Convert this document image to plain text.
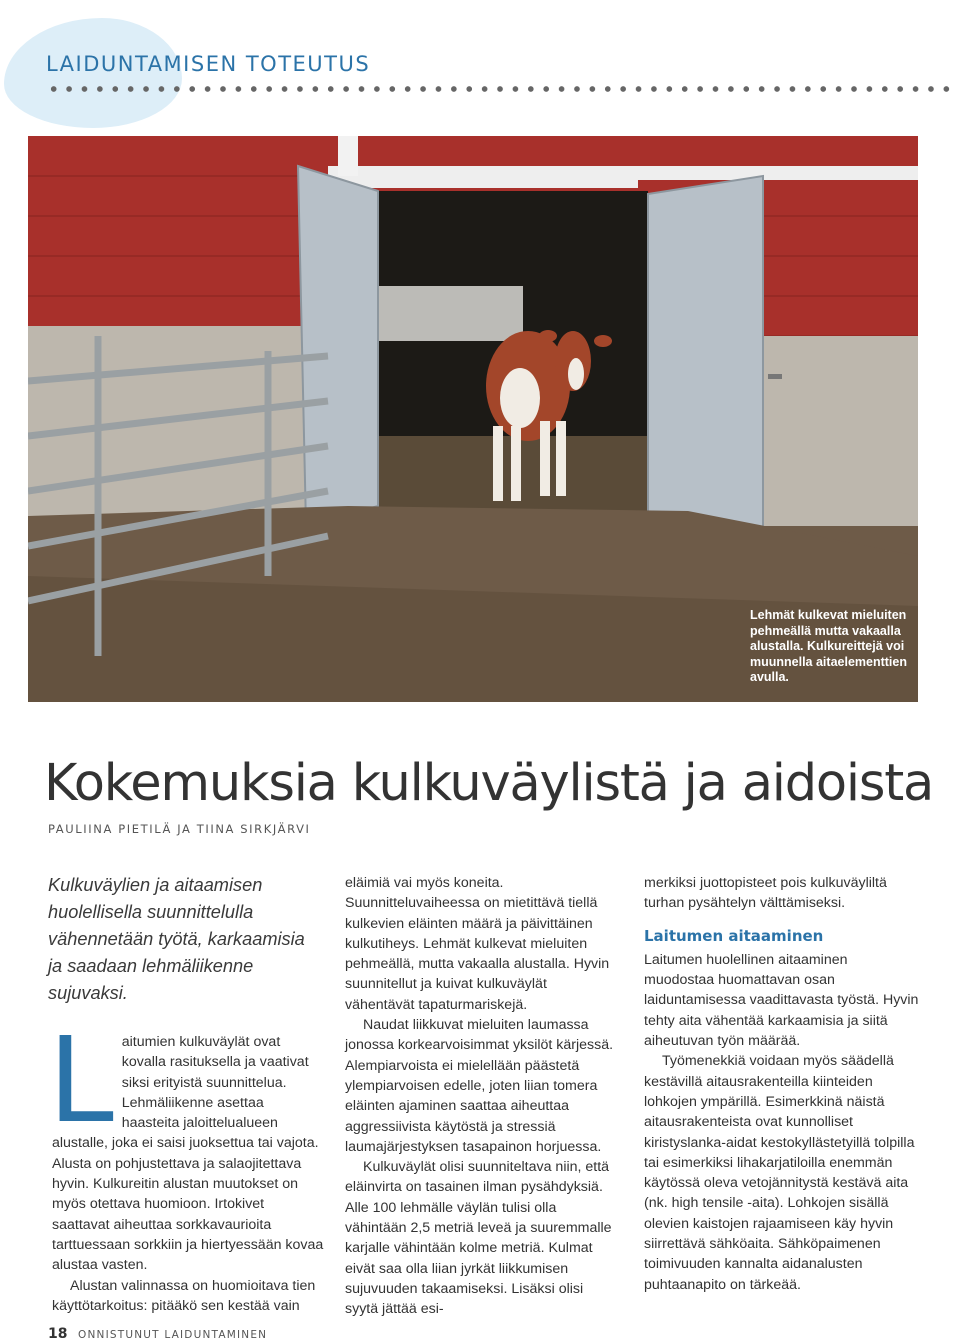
LAIDUNTAMISEN TOTEUTUS
Lehmät kulkevat mieluiten pehmeällä mutta vakaalla alustalla. Kulkureittejä voi muunnella aitaelementtien avulla.
Kokemuksia kulkuväylistä ja aidoista
PAULIINA PIETILÄ JA TIINA SIRKJÄRVI
Kulkuväylien ja aitaamisen huolellisella suunnittelulla vähennetään työtä, karkaamisia ja saadaan lehmäliikenne sujuvaksi.

Laitumien kulkuväylät ovat kovalla rasituksella ja vaativat siksi erityistä suunnittelua. Lehmäliikenne asettaa haasteita jaloittelualueen alustalle, joka ei saisi juoksettua tai vajota. Alusta on pohjustettava ja salaojitettava hyvin. Kulkureitin alustan muutokset on myös otettava huomioon. Irtokivet saattavat aiheuttaa sorkkavaurioita tarttuessaan sorkkiin ja hiertyessään kovaa alustaa vasten.

Alustan valinnassa on huomioitava tien käyttötarkoitus: pitääkö sen kestää vain

eläimiä vai myös koneita. Suunnitteluvaiheessa on mietittävä tiellä kulkevien eläinten määrä ja päivittäinen kulkutiheys. Lehmät kulkevat mieluiten pehmeällä, mutta vakaalla alustalla. Hyvin suunnitellut ja kuivat kulkuväylät vähentävät tapaturmariskejä.

Naudat liikkuvat mieluiten laumassa jonossa korkearvoisimmat yksilöt kärjessä. Alempiarvoista ei mielellään päästetä ylempiarvoisen edelle, joten liian tomera eläinten ajaminen saattaa aiheuttaa aggressiivista käytöstä ja stressiä laumajärjestyksen tasapainon horjuessa.

Kulkuväylät olisi suunniteltava niin, että eläinvirta on tasainen ilman pysähdyksiä. Alle 100 lehmälle väylän tulisi olla vähintään 2,5 metriä leveä ja suuremmalle karjalle vähintään kolme metriä. Kulmat eivät saa olla liian jyrkät liikkumisen sujuvuuden takaamiseksi. Lisäksi olisi syytä jättää esi-

merkiksi juottopisteet pois kulkuväyliltä turhan pysähtelyn välttämiseksi.

Laitumen aitaaminen

Laitumen huolellinen aitaaminen muodostaa huomattavan osan laiduntamisessa vaadittavasta työstä. Hyvin tehty aita vähentää karkaamisia ja siitä aiheutuvan työn määrää.

Työmenekkiä voidaan myös säädellä kestävillä aitausrakenteilla kiinteiden lohkojen ympärillä. Esimerkkinä näistä aitausrakenteista ovat kunnolliset kiristyslanka-aidat kestokyllästetyillä tolpilla tai esimerkiksi lihakarjatiloilla enemmän käytössä oleva vetojännitystä kestävä aita (nk. high tensile -aita). Lohkojen sisällä olevien kaistojen rajaamiseen käy hyvin siirrettävä sähköaita. Sähköpaimenen toimivuuden kannalta aidanalusten puhtaanapito on tärkeää.

18 ONNISTUNUT LAIDUNTAMINEN
